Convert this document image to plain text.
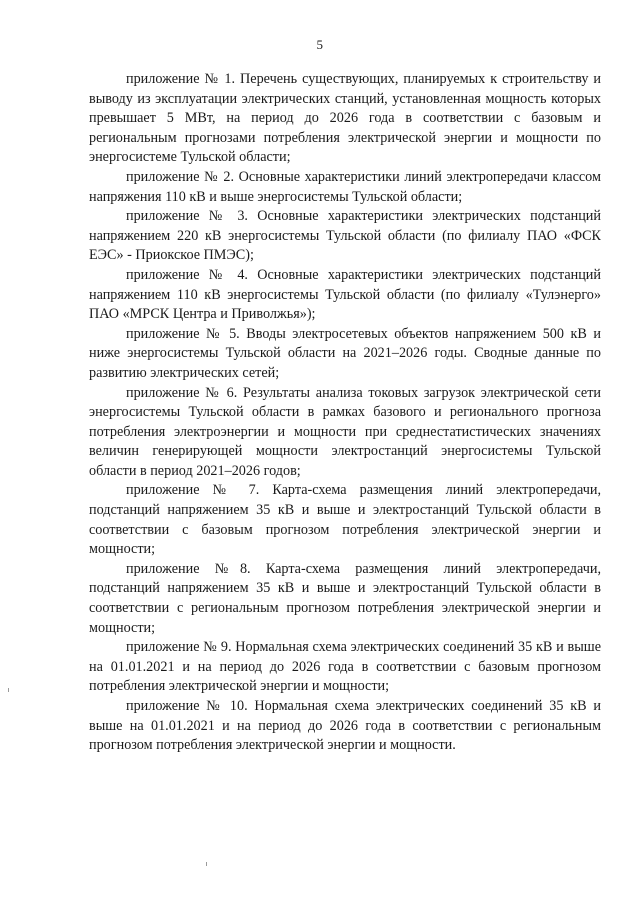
5

приложение № 1. Перечень существующих, планируемых к строительству и выводу из эксплуатации электрических станций, установленная мощность которых превышает 5 МВт, на период до 2026 года в соответствии с базовым и региональным прогнозами потребления электрической энергии и мощности по энергосистеме Тульской области;

приложение № 2. Основные характеристики линий электропередачи классом напряжения 110 кВ и выше энергосистемы Тульской области;

приложение № 3. Основные характеристики электрических подстанций напряжением 220 кВ энергосистемы Тульской области (по филиалу ПАО «ФСК ЕЭС» - Приокское ПМЭС);

приложение № 4. Основные характеристики электрических подстанций напряжением 110 кВ энергосистемы Тульской области (по филиалу «Тулэнерго» ПАО «МРСК Центра и Приволжья»);

приложение № 5. Вводы электросетевых объектов напряжением 500 кВ и ниже энергосистемы Тульской области на 2021–2026 годы. Сводные данные по развитию электрических сетей;

приложение № 6. Результаты анализа токовых загрузок электрической сети энергосистемы Тульской области в рамках базового и регионального прогноза потребления электроэнергии и мощности при среднестатистических значениях величин генерирующей мощности электростанций энергосистемы Тульской области в период 2021–2026 годов;

приложение № 7. Карта-схема размещения линий электропередачи, подстанций напряжением 35 кВ и выше и электростанций Тульской области в соответствии с базовым прогнозом потребления электрической энергии и мощности;

приложение №8. Карта-схема размещения линий электропередачи, подстанций напряжением 35 кВ и выше и электростанций Тульской области в соответствии с региональным прогнозом потребления электрической энергии и мощности;

приложение № 9. Нормальная схема электрических соединений 35 кВ и выше на 01.01.2021 и на период до 2026 года в соответствии с базовым прогнозом потребления электрической энергии и мощности;

приложение № 10. Нормальная схема электрических соединений 35 кВ и выше на 01.01.2021 и на период до 2026 года в соответствии с региональным прогнозом потребления электрической энергии и мощности.
